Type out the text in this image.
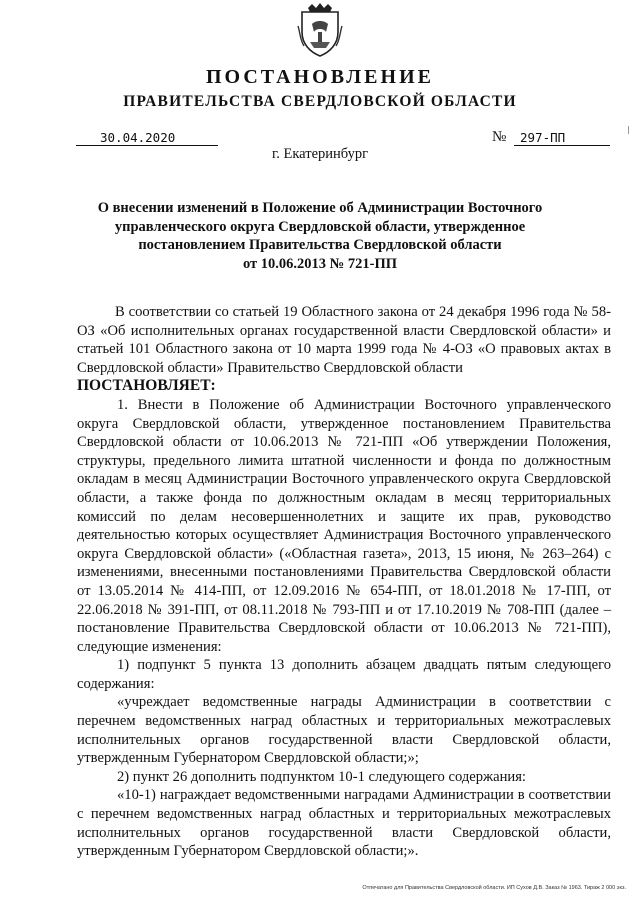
ПОСТАНОВЛЕНИЕ
ПРАВИТЕЛЬСТВА СВЕРДЛОВСКОЙ ОБЛАСТИ
30.04.2020	№	297-ПП
г. Екатеринбург
О внесении изменений в Положение об Администрации Восточного
управленческого округа Свердловской области, утвержденное
постановлением Правительства Свердловской области
от 10.06.2013 № 721-ПП

В соответствии со статьей 19 Областного закона от 24 декабря 1996 года № 58-ОЗ «Об исполнительных органах государственной власти Свердловской области» и статьей 101 Областного закона от 10 марта 1999 года № 4-ОЗ «О правовых актах в Свердловской области» Правительство Свердловской области

ПОСТАНОВЛЯЕТ:

1. Внести в Положение об Администрации Восточного управленческого округа Свердловской области, утвержденное постановлением Правительства Свердловской области от 10.06.2013 № 721-ПП «Об утверждении Положения, структуры, предельного лимита штатной численности и фонда по должностным окладам в месяц Администрации Восточного управленческого округа Свердловской области, а также фонда по должностным окладам в месяц территориальных комиссий по делам несовершеннолетних и защите их прав, руководство деятельностью которых осуществляет Администрация Восточного управленческого округа Свердловской области» («Областная газета», 2013, 15 июня, № 263–264) с изменениями, внесенными постановлениями Правительства Свердловской области от 13.05.2014 № 414-ПП, от 12.09.2016 № 654-ПП, от 18.01.2018 № 17-ПП, от 22.06.2018 № 391-ПП, от 08.11.2018 № 793-ПП и от 17.10.2019 № 708-ПП (далее – постановление Правительства Свердловской области от 10.06.2013 № 721-ПП), следующие изменения:

1) подпункт 5 пункта 13 дополнить абзацем двадцать пятым следующего содержания:

«учреждает ведомственные награды Администрации в соответствии с перечнем ведомственных наград областных и территориальных межотраслевых исполнительных органов государственной власти Свердловской области, утвержденным Губернатором Свердловской области;»;

2) пункт 26 дополнить подпунктом 10-1 следующего содержания:

«10-1) награждает ведомственными наградами Администрации в соответствии с перечнем ведомственных наград областных и территориальных межотраслевых исполнительных органов государственной власти Свердловской области, утвержденным Губернатором Свердловской области;».

Отпечатано для Правительства Свердловской области. ИП Сухов Д.В. Заказ № 1963. Тираж 2 000 экз.
